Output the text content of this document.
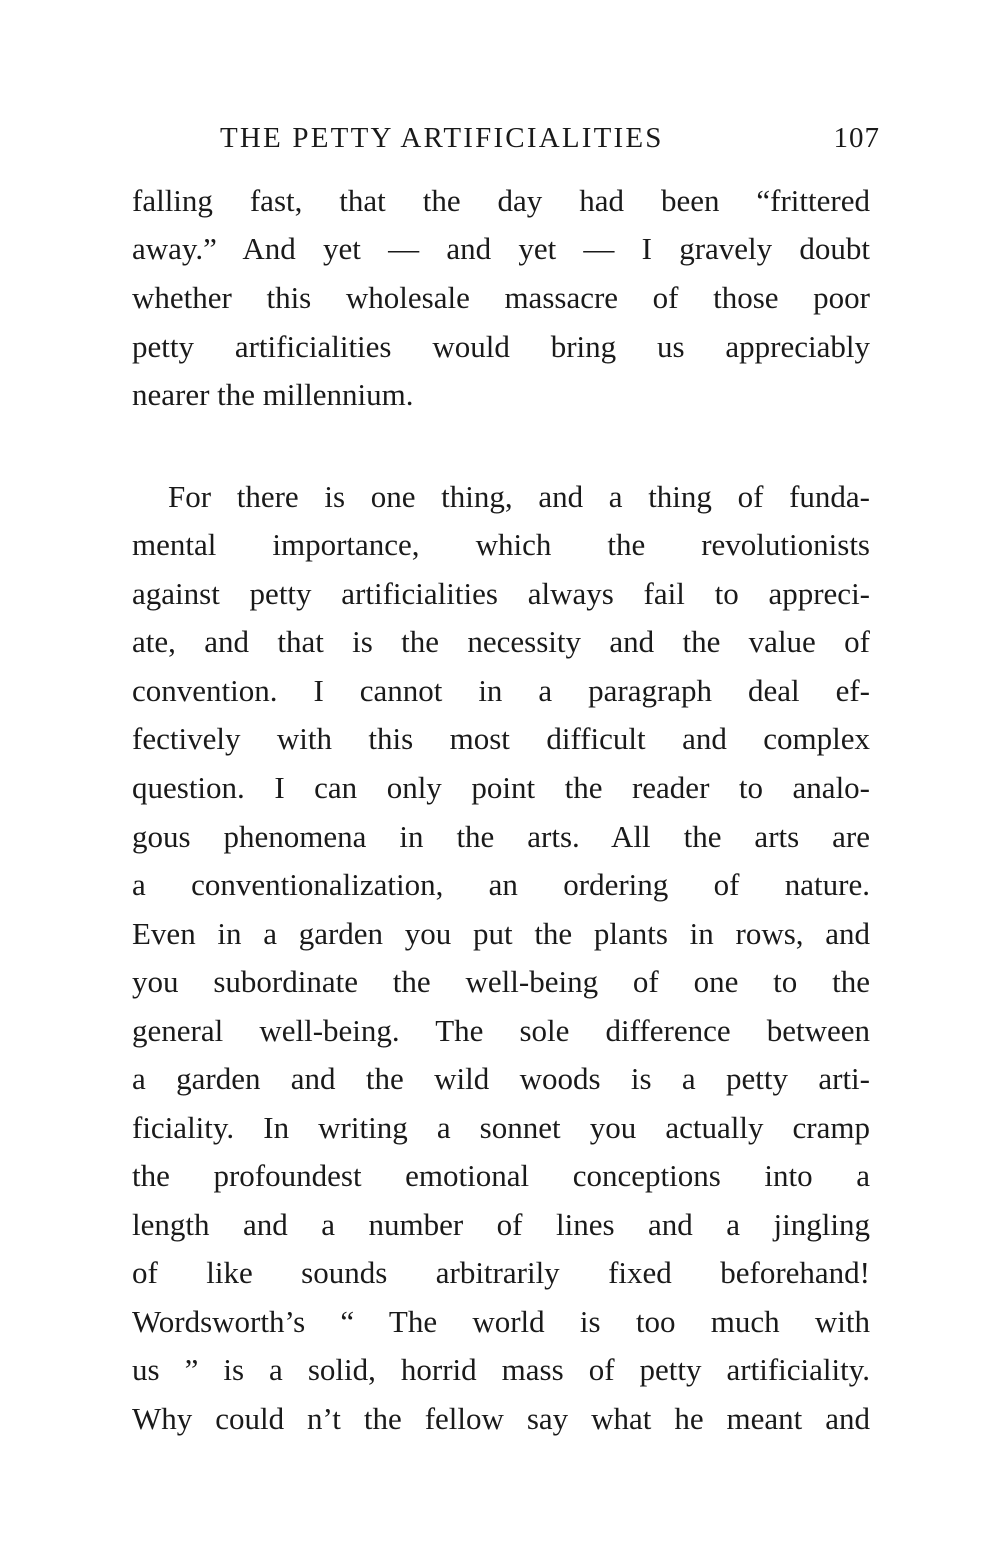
THE PETTY ARTIFICIALITIES	107
falling fast, that the day had been “frittered
away.” And yet — and yet — I gravely doubt
whether this wholesale massacre of those poor
petty artificialities would bring us appreciably
nearer the millennium.
For there is one thing, and a thing of funda-
mental importance, which the revolutionists
against petty artificialities always fail to appreci-
ate, and that is the necessity and the value of
convention. I cannot in a paragraph deal ef-
fectively with this most difficult and complex
question. I can only point the reader to analo-
gous phenomena in the arts. All the arts are
a conventionalization, an ordering of nature.
Even in a garden you put the plants in rows, and
you subordinate the well-being of one to the
general well-being. The sole difference between
a garden and the wild woods is a petty arti-
ficiality. In writing a sonnet you actually cramp
the profoundest emotional conceptions into a
length and a number of lines and a jingling
of like sounds arbitrarily fixed beforehand!
Wordsworth’s “ The world is too much with
us ” is a solid, horrid mass of petty artificiality.
Why could n’t the fellow say what he meant and
